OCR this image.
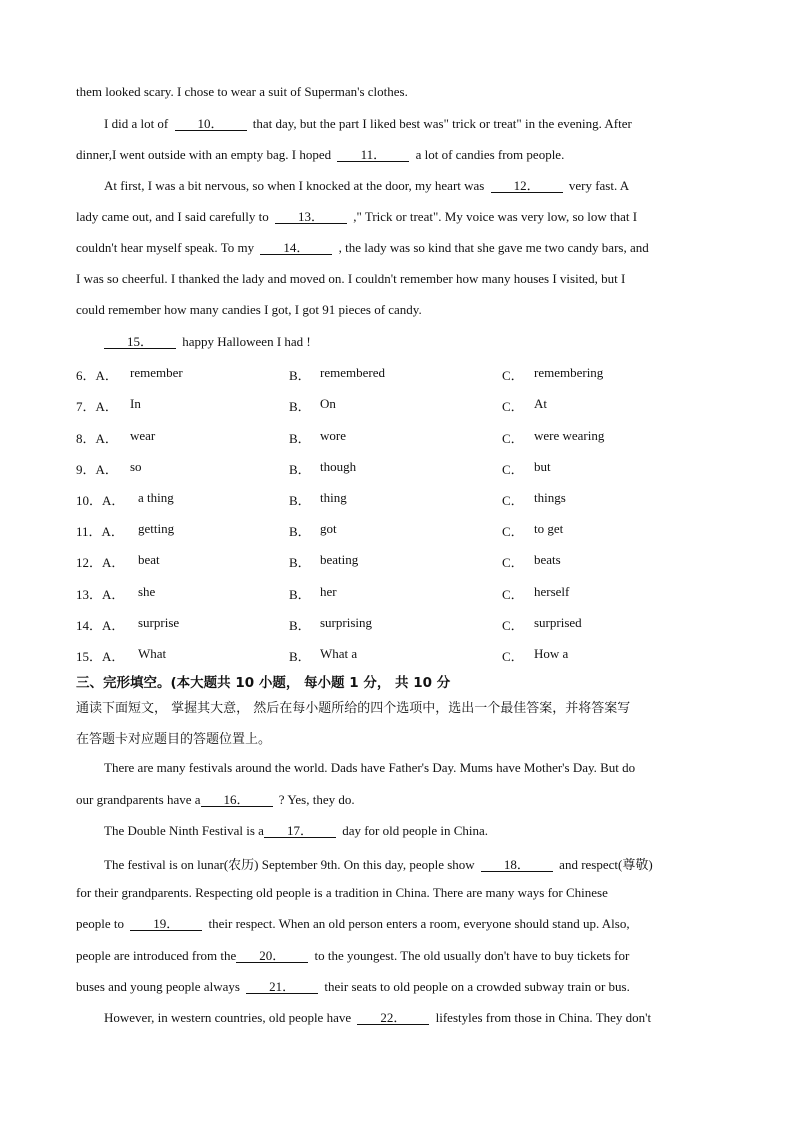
them looked scary. I chose to wear a suit of Superman's clothes.
I did a lot of 10． that day, but the part I liked best was" trick or treat" in the evening. After
dinner,I went outside with an empty bag. I hoped 11． a lot of candies from people.
At first, I was a bit nervous, so when I knocked at the door, my heart was 12． very fast. A
lady came out, and I said carefully to 13． ," Trick or treat". My voice was very low, so low that I
couldn't hear myself speak. To my 14． , the lady was so kind that she gave me two candy bars, and
I was so cheerful. I thanked the lady and moved on. I couldn't remember how many houses I visited, but I
could remember how many candies I got, I got 91 pieces of candy.
15． happy Halloween I had !
6．A． remember	B． remembered	C． remembering
7．A． In	B． On	C． At
8．A． wear	B． wore	C． were wearing
9．A． so	B． though	C． but
10．A． a thing	B． thing	C． things
11．A． getting	B． got	C． to get
12．A． beat	B． beating	C． beats
13．A． she	B． her	C． herself
14．A． surprise	B． surprising	C． surprised
15．A． What	B． What a	C． How a
三、完形填空。(本大题共 10 小题， 每小题 1 分， 共 10 分
通读下面短文， 掌握其大意， 然后在每小题所给的四个选项中，选出一个最佳答案，并将答案写
在答题卡对应题目的答题位置上。
There are many festivals around the world. Dads have Father's Day. Mums have Mother's Day. But do
our grandparents have a 16． ? Yes, they do.
The Double Ninth Festival is a 17． day for old people in China.
The festival is on lunar(农历) September 9th. On this day, people show 18． and respect(尊敬)
for their grandparents. Respecting old people is a tradition in China. There are many ways for Chinese
people to 19． their respect. When an old person enters a room, everyone should stand up. Also,
people are introduced from the 20． to the youngest. The old usually don't have to buy tickets for
buses and young people always 21． their seats to old people on a crowded subway train or bus.
However, in western countries, old people have 22． lifestyles from those in China. They don't
